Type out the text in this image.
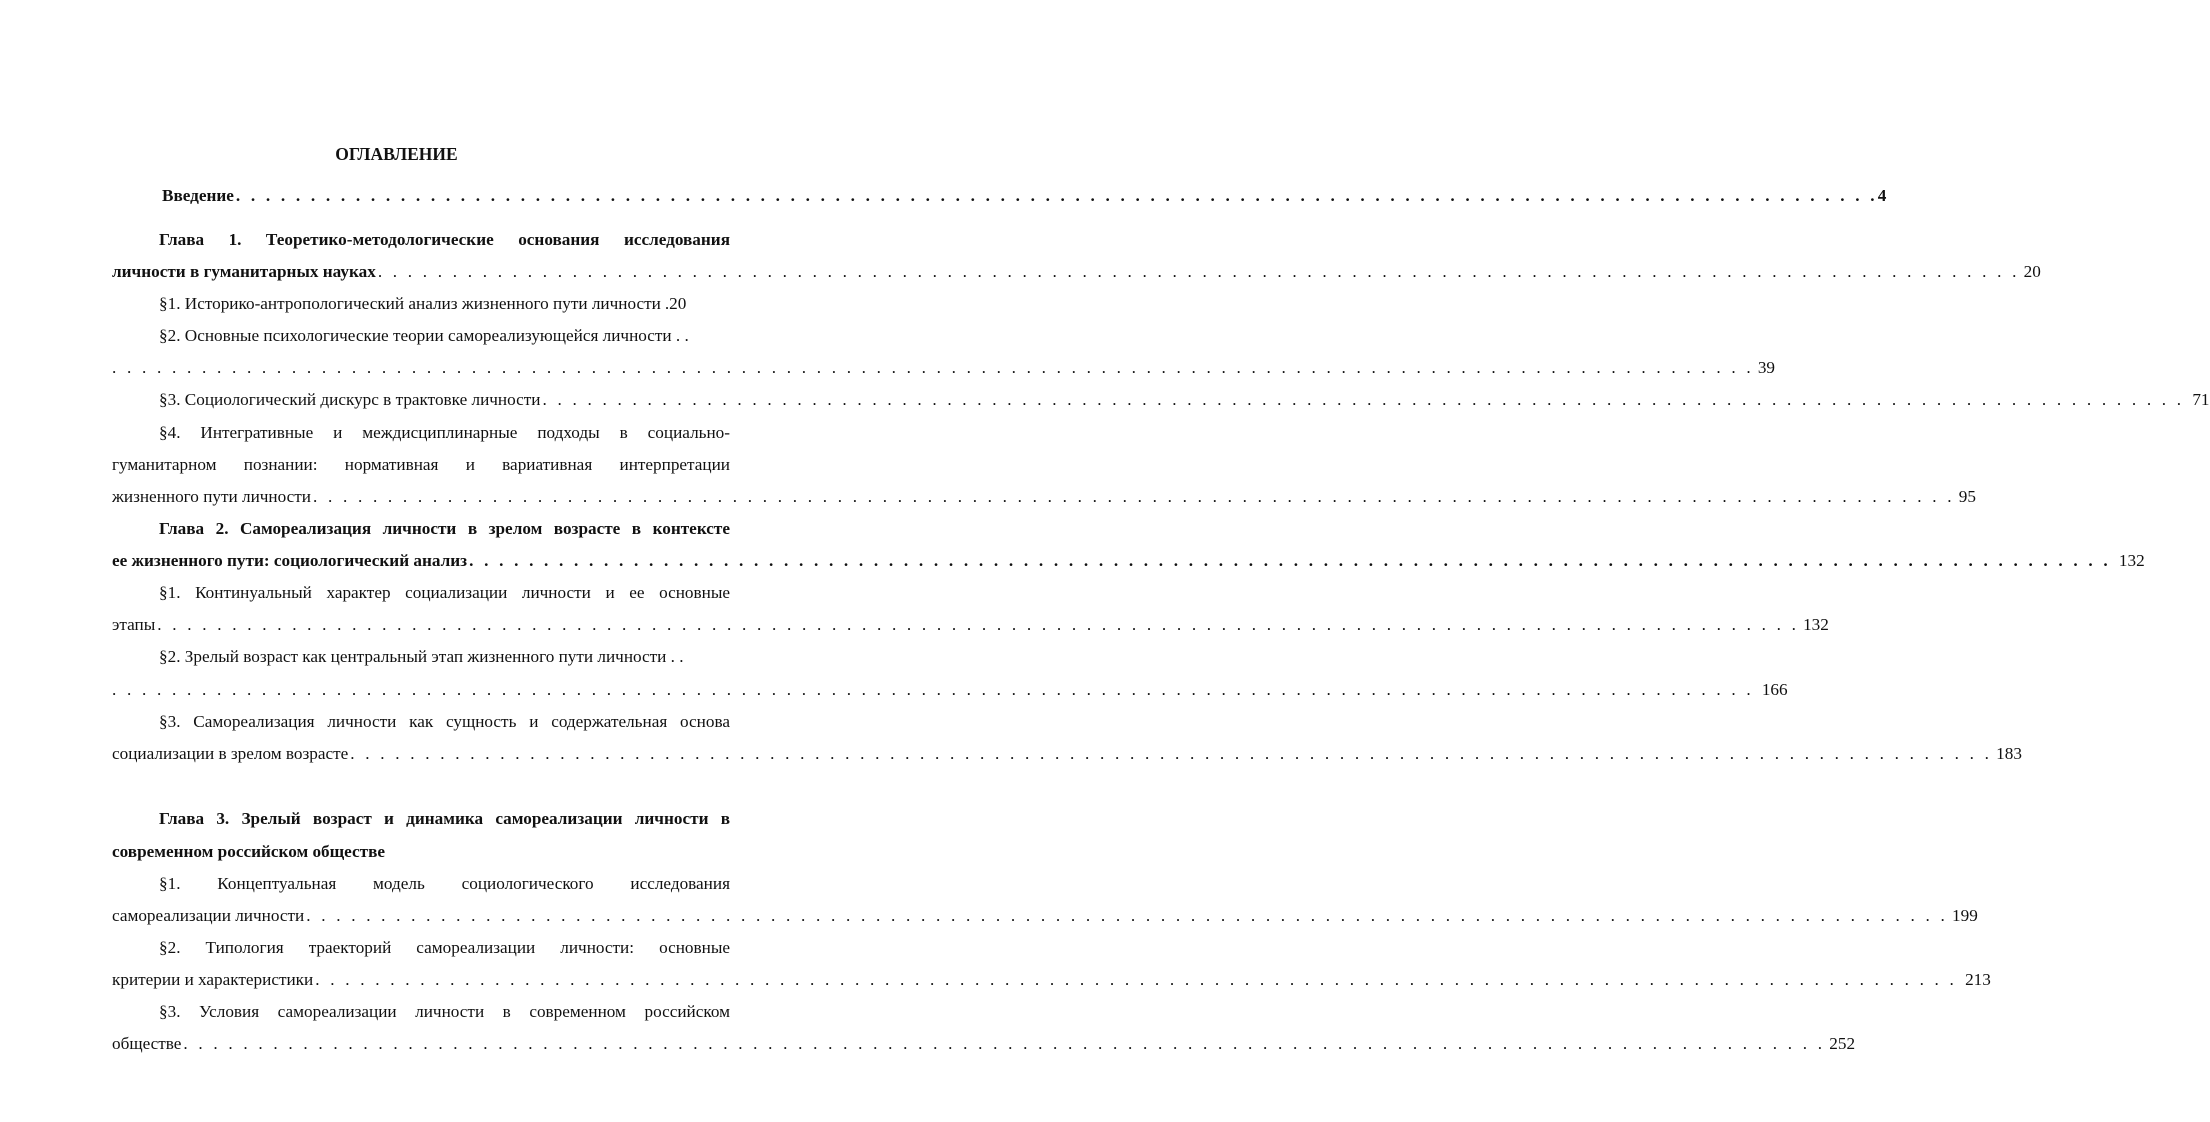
ОГЛАВЛЕНИЕ
Введение . . . . . . . . . . . . . . . . . . . . . . . . . . . . . . . . . . . . . . . . . . . . . . . . . . . . . . . . . . . . . . . . . . . . . . . . . . . . . . . . . . . . . . . . . . . . . . . . . . . . . . . . . . . . . . 4
Глава 1. Теоретико-методологические основания исследования
личности в гуманитарных науках . . . . . . . . . . . . . . . . . . . . . . . . . . . . . . . . . . . . . . . . . . . . . . . . . . . . . . . . . . . . . . . . . . . . . . . . . . . . . . . . . . . . . . . . . . . . . . . . . . . . . . . . . . . . . . 20
§1. Историко-антропологический анализ жизненного пути личности .20
§2. Основные психологические теории самореализующейся личности . .
. . . . . . . . . . . . . . . . . . . . . . . . . . . . . . . . . . . . . . . . . . . . . . . . . . . . . . . . . . . . . . . . . . . . . . . . . . . . . . . . . . . . . . . . . . . . . . . . . . . . . . . . . . . . . . 39
§3. Социологический дискурс в трактовке личности . . . . . . . . . . . . . . . . . . . . . . . . . . . . . . . . . . . . . . . . . . . . . . . . . . . . . . . . . . . . . . . . . . . . . . . . . . . . . . . . . . . . . . . . . . . . . . . . . . . . . . . . . . . . . . 71
§4. Интегративные и междисциплинарные подходы в социально-
гуманитарном познании: нормативная и вариативная интерпретации
жизненного пути личности . . . . . . . . . . . . . . . . . . . . . . . . . . . . . . . . . . . . . . . . . . . . . . . . . . . . . . . . . . . . . . . . . . . . . . . . . . . . . . . . . . . . . . . . . . . . . . . . . . . . . . . . . . . . . . 95
Глава 2. Самореализация личности в зрелом возрасте в контексте
ее жизненного пути: социологический анализ . . . . . . . . . . . . . . . . . . . . . . . . . . . . . . . . . . . . . . . . . . . . . . . . . . . . . . . . . . . . . . . . . . . . . . . . . . . . . . . . . . . . . . . . . . . . . . . . . . . . . . . . . . . . . . 132
§1. Континуальный характер социализации личности и ее основные
этапы . . . . . . . . . . . . . . . . . . . . . . . . . . . . . . . . . . . . . . . . . . . . . . . . . . . . . . . . . . . . . . . . . . . . . . . . . . . . . . . . . . . . . . . . . . . . . . . . . . . . . . . . . . . . . . 132
§2. Зрелый возраст как центральный этап жизненного пути личности . .
. . . . . . . . . . . . . . . . . . . . . . . . . . . . . . . . . . . . . . . . . . . . . . . . . . . . . . . . . . . . . . . . . . . . . . . . . . . . . . . . . . . . . . . . . . . . . . . . . . . . . . . . . . . . . . 166
§3. Самореализация личности как сущность и содержательная основа
социализации в зрелом возрасте . . . . . . . . . . . . . . . . . . . . . . . . . . . . . . . . . . . . . . . . . . . . . . . . . . . . . . . . . . . . . . . . . . . . . . . . . . . . . . . . . . . . . . . . . . . . . . . . . . . . . . . . . . . . . . 183
Глава 3. Зрелый возраст и динамика самореализации личности в
современном российском обществе
§1. Концептуальная модель социологического исследования
самореализации личности . . . . . . . . . . . . . . . . . . . . . . . . . . . . . . . . . . . . . . . . . . . . . . . . . . . . . . . . . . . . . . . . . . . . . . . . . . . . . . . . . . . . . . . . . . . . . . . . . . . . . . . . . . . . . . 199
§2. Типология траекторий самореализации личности: основные
критерии и характеристики . . . . . . . . . . . . . . . . . . . . . . . . . . . . . . . . . . . . . . . . . . . . . . . . . . . . . . . . . . . . . . . . . . . . . . . . . . . . . . . . . . . . . . . . . . . . . . . . . . . . . . . . . . . . . . 213
§3. Условия самореализации личности в современном российском
обществе . . . . . . . . . . . . . . . . . . . . . . . . . . . . . . . . . . . . . . . . . . . . . . . . . . . . . . . . . . . . . . . . . . . . . . . . . . . . . . . . . . . . . . . . . . . . . . . . . . . . . . . . . . . . . . 252
